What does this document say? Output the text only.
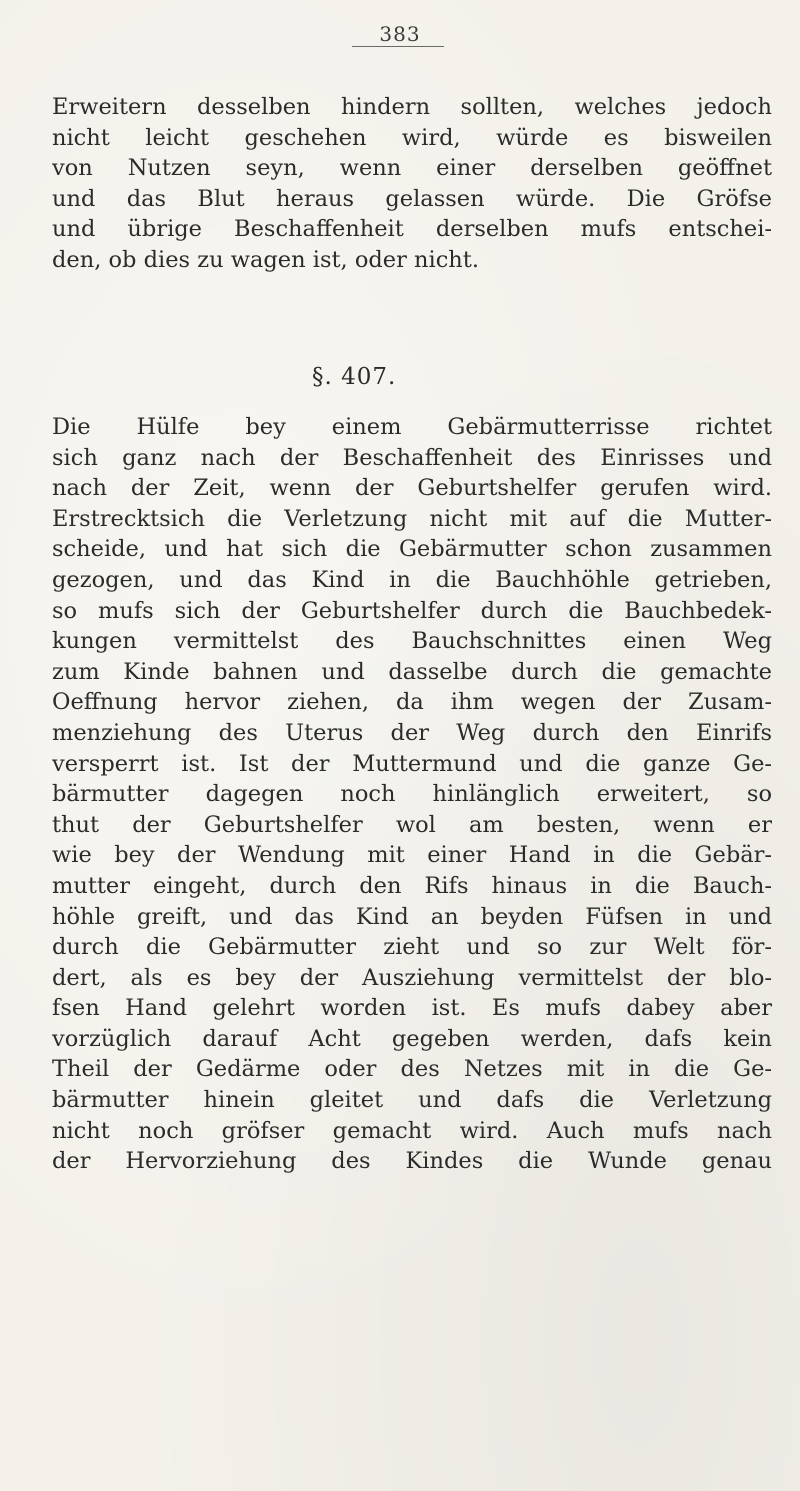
383
Erweitern desselben hindern sollten, welches jedoch
nicht leicht geschehen wird, würde es bisweilen
von Nutzen seyn, wenn einer derselben geöffnet
und das Blut heraus gelassen würde. Die Gröfse
und übrige Beschaffenheit derselben mufs entschei-
den, ob dies zu wagen ist, oder nicht.
§. 407.
Die Hülfe bey einem Gebärmutterrisse richtet
sich ganz nach der Beschaffenheit des Einrisses und
nach der Zeit, wenn der Geburtshelfer gerufen wird.
Erstrecktsich die Verletzung nicht mit auf die Mutter-
scheide, und hat sich die Gebärmutter schon zusammen
gezogen, und das Kind in die Bauchhöhle getrieben,
so mufs sich der Geburtshelfer durch die Bauchbedek-
kungen vermittelst des Bauchschnittes einen Weg
zum Kinde bahnen und dasselbe durch die gemachte
Oeffnung hervor ziehen, da ihm wegen der Zusam-
menziehung des Uterus der Weg durch den Einrifs
versperrt ist. Ist der Muttermund und die ganze Ge-
bärmutter dagegen noch hinlänglich erweitert, so
thut der Geburtshelfer wol am besten, wenn er
wie bey der Wendung mit einer Hand in die Gebär-
mutter eingeht, durch den Rifs hinaus in die Bauch-
höhle greift, und das Kind an beyden Füfsen in und
durch die Gebärmutter zieht und so zur Welt för-
dert, als es bey der Ausziehung vermittelst der blo-
fsen Hand gelehrt worden ist. Es mufs dabey aber
vorzüglich darauf Acht gegeben werden, dafs kein
Theil der Gedärme oder des Netzes mit in die Ge-
bärmutter hinein gleitet und dafs die Verletzung
nicht noch gröfser gemacht wird. Auch mufs nach
der Hervorziehung des Kindes die Wunde genau
